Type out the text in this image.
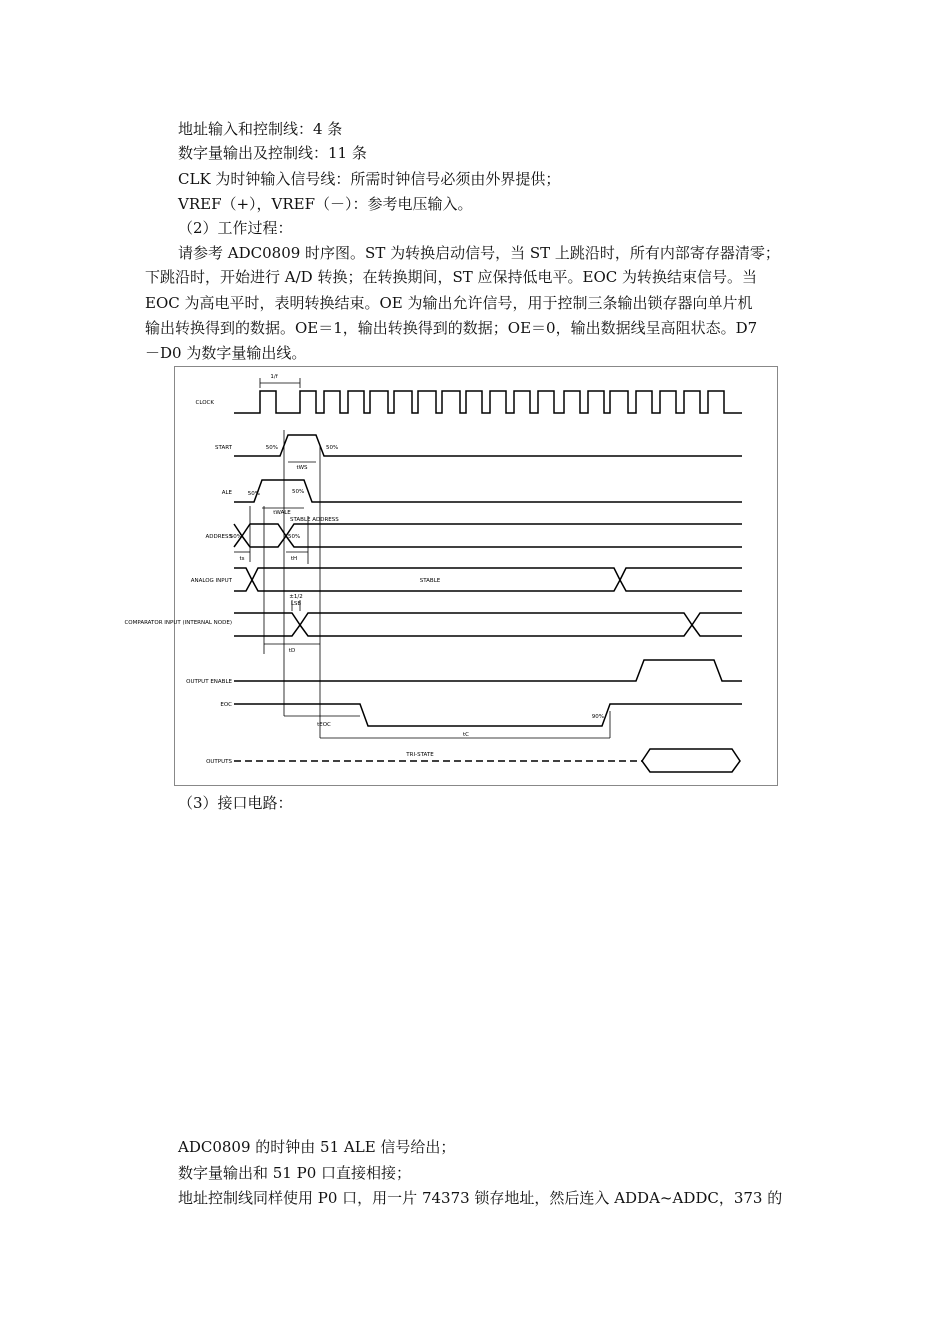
地址输入和控制线：4 条
数字量输出及控制线：11 条
CLK 为时钟输入信号线：所需时钟信号必须由外界提供；
VREF（+），VREF（－）：参考电压输入。
（2）工作过程：
请参考 ADC0809 时序图。ST 为转换启动信号，当 ST 上跳沿时，所有内部寄存器清零；
下跳沿时，开始进行 A/D 转换；在转换期间，ST 应保持低电平。EOC 为转换结束信号。当
EOC 为高电平时，表明转换结束。OE 为输出允许信号，用于控制三条输出锁存器向单片机
输出转换得到的数据。OE＝1，输出转换得到的数据；OE＝0，输出数据线呈高阻状态。D7
－D0 为数字量输出线。
CLOCK
START
ALE
ADDRESS
ANALOG INPUT
COMPARATOR INPUT (INTERNAL NODE)
OUTPUT ENABLE
EOC
OUTPUTS
1/f
50%	50%
tWS
50%	50%
tWALE
STABLE ADDRESS
50%	50%
ts	tH
STABLE
±1/2
LSB
tD
90%
tEOC
tC
TRI-STATE
（3）接口电路：
ADC0809 的时钟由 51 ALE 信号给出；
数字量输出和 51 P0 口直接相接；
地址控制线同样使用 P0 口，用一片 74373 锁存地址，然后连入 ADDA~ADDC，373 的
